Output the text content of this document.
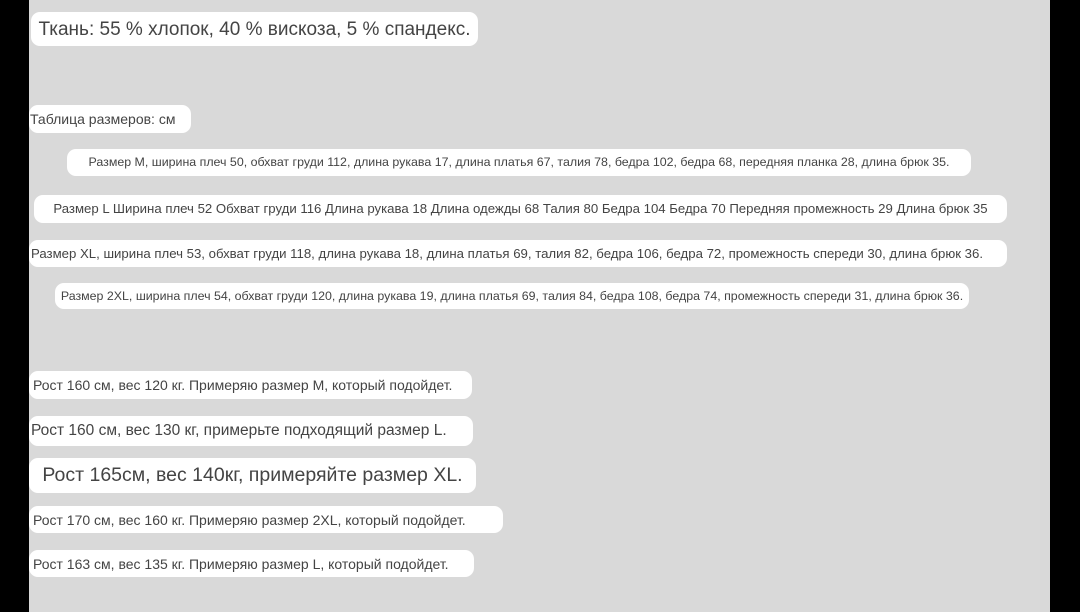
Ткань: 55 % хлопок, 40 % вискоза, 5 % спандекс.
Таблица размеров: см
Размер M, ширина плеч 50, обхват груди 112, длина рукава 17, длина платья 67, талия 78, бедра 102, бедра 68, передняя планка 28, длина брюк 35.
Размер L Ширина плеч 52 Обхват груди 116 Длина рукава 18 Длина одежды 68 Талия 80 Бедра 104 Бедра 70 Передняя промежность 29 Длина брюк 35
Размер XL, ширина плеч 53, обхват груди 118, длина рукава 18, длина платья 69, талия 82, бедра 106, бедра 72, промежность спереди 30, длина брюк 36.
Размер 2XL, ширина плеч 54, обхват груди 120, длина рукава 19, длина платья 69, талия 84, бедра 108, бедра 74, промежность спереди 31, длина брюк 36.
Рост 160 см, вес 120 кг. Примеряю размер M, который подойдет.
Рост 160 см, вес 130 кг, примерьте подходящий размер L.
Рост 165см, вес 140кг, примеряйте размер XL.
Рост 170 см, вес 160 кг. Примеряю размер 2XL, который подойдет.
Рост 163 см, вес 135 кг. Примеряю размер L, который подойдет.
